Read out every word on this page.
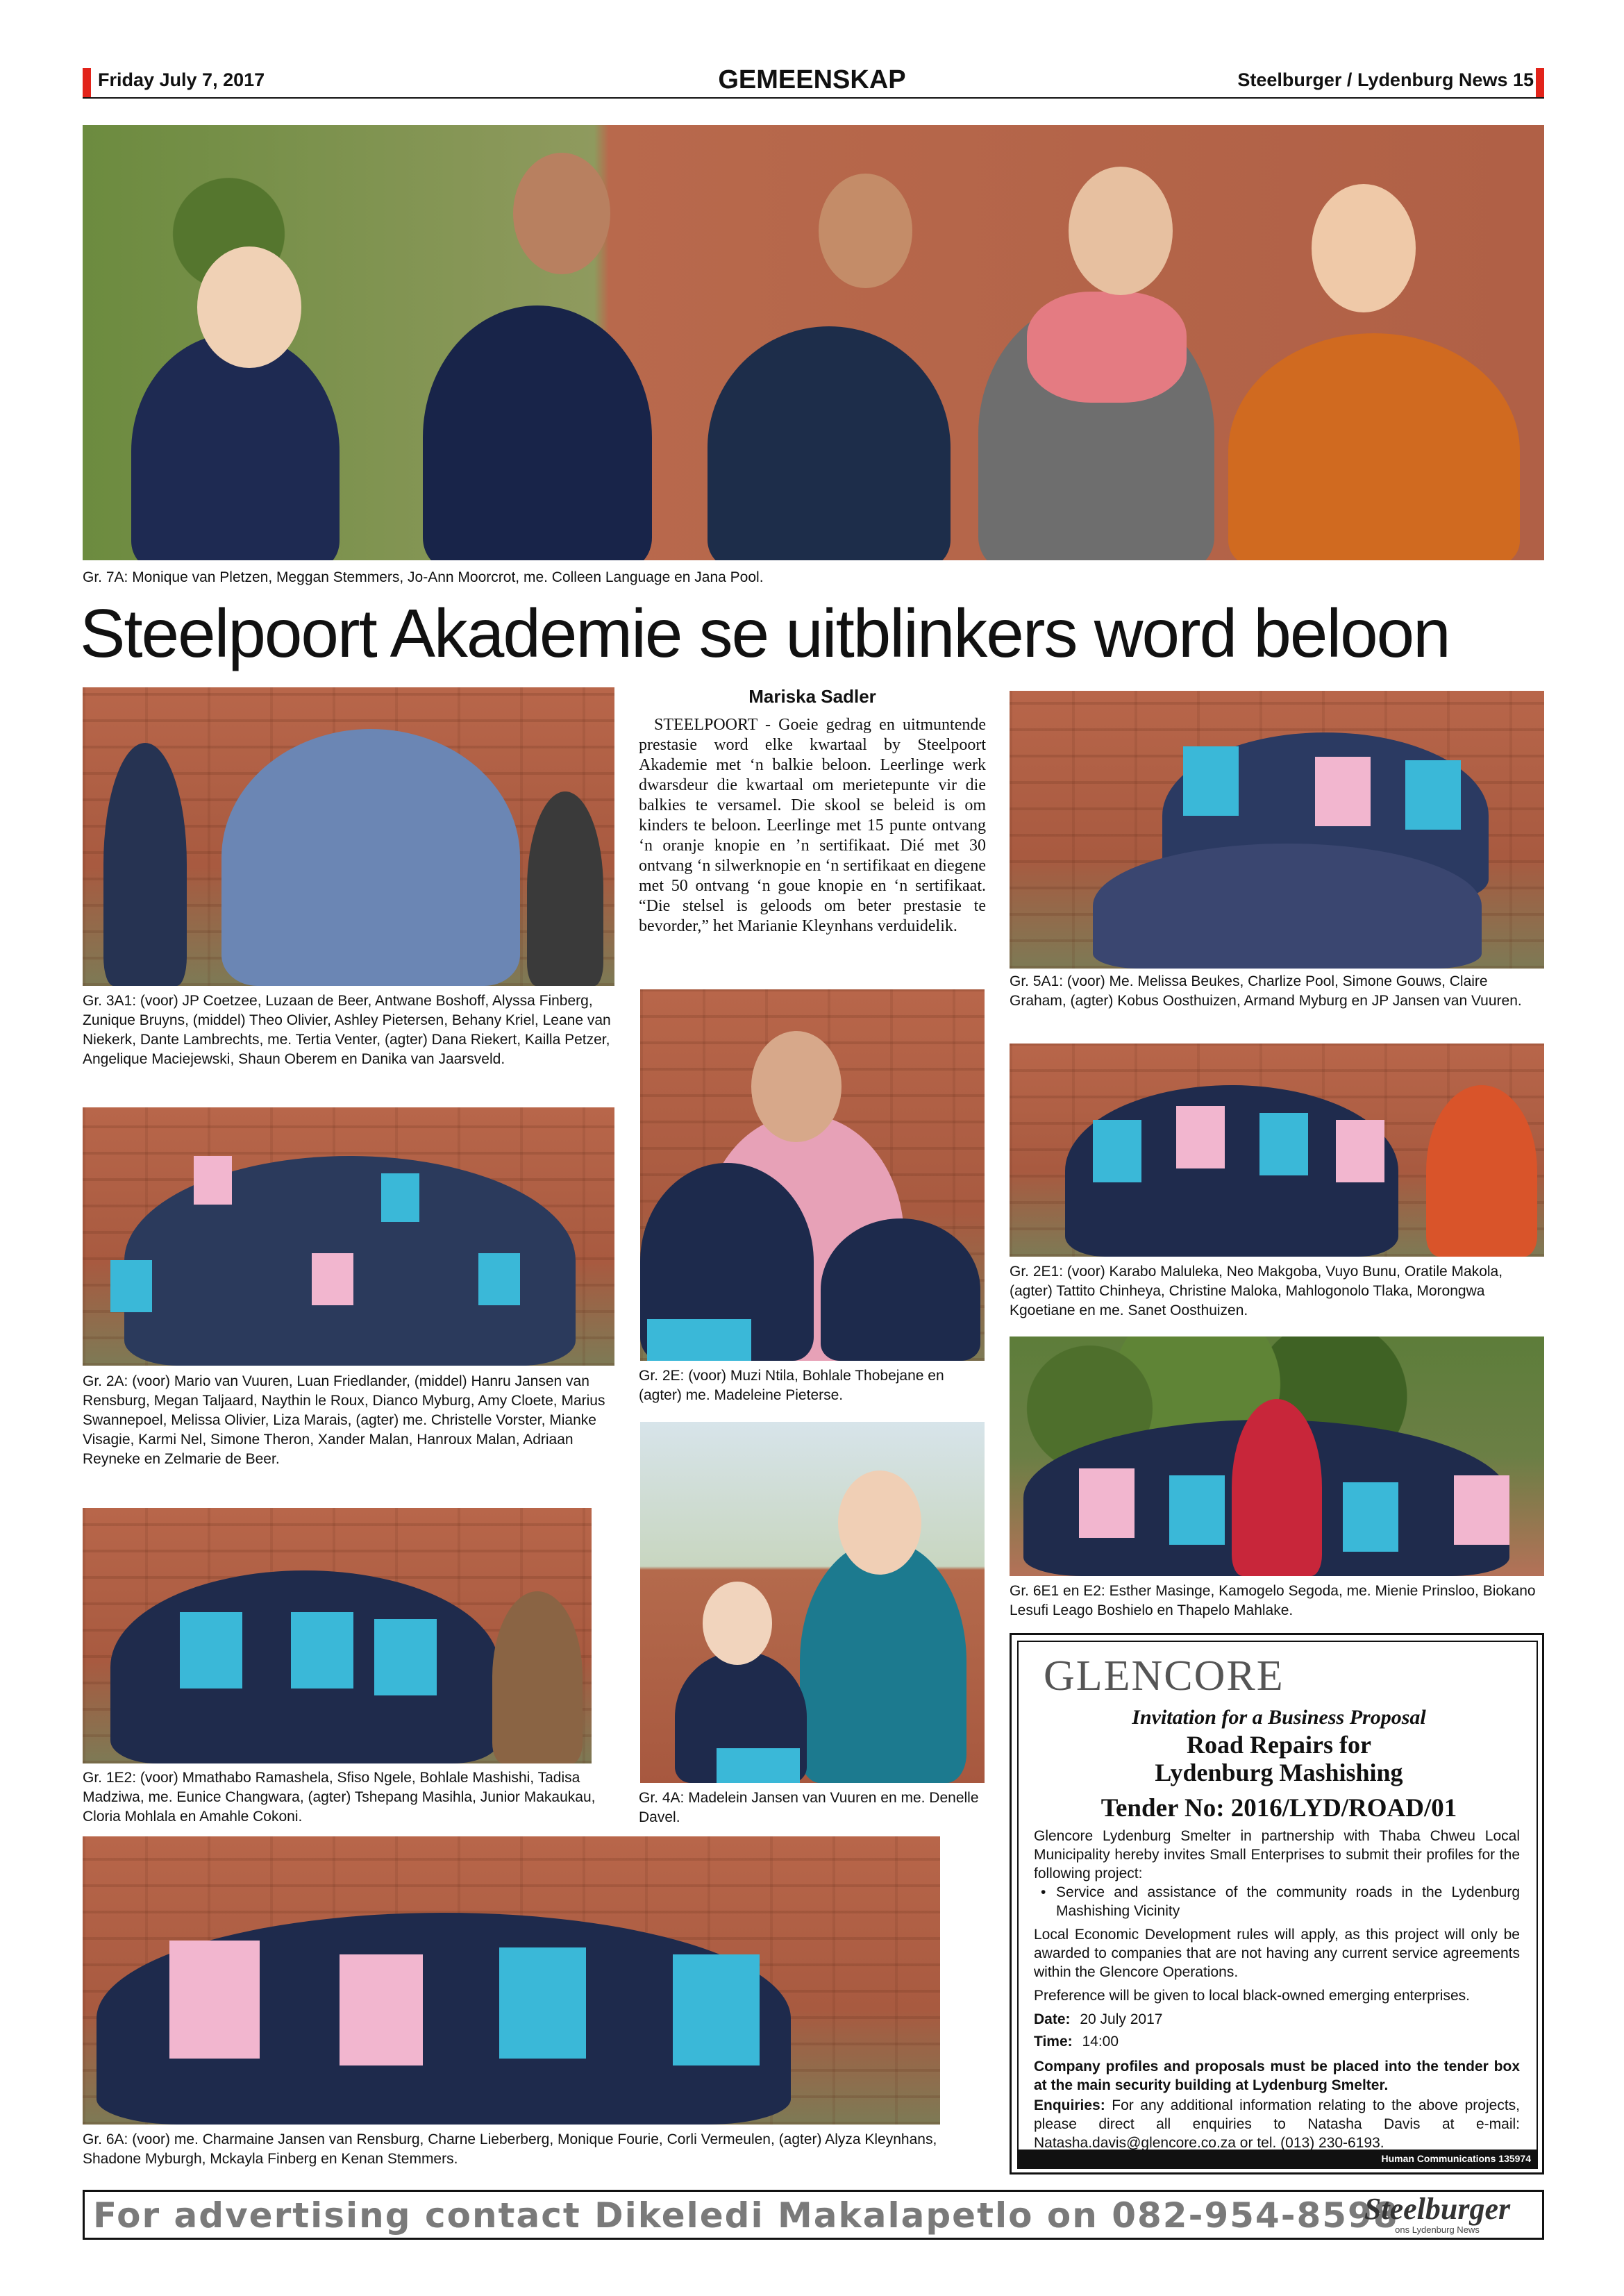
Friday July 7, 2017	GEMEENSKAP	Steelburger / Lydenburg News 15
Gr. 7A: Monique van Pletzen, Meggan Stemmers, Jo-Ann Moorcrot, me. Colleen Language en Jana Pool.
Steelpoort Akademie se uitblinkers word beloon
Gr. 3A1: (voor) JP Coetzee, Luzaan de Beer, Antwane Boshoff, Alyssa Finberg, Zunique Bruyns, (middel) Theo Olivier, Ashley Pietersen, Behany Kriel, Leane van Niekerk, Dante Lambrechts, me. Tertia Venter, (agter) Dana Riekert, Kailla Petzer, Angelique Maciejewski, Shaun Oberem en Danika van Jaarsveld.
Gr. 2A: (voor) Mario van Vuuren, Luan Friedlander, (middel) Hanru Jansen van Rensburg, Megan Taljaard, Naythin le Roux, Dianco Myburg, Amy Cloete, Marius Swannepoel, Melissa Olivier, Liza Marais, (agter) me. Christelle Vorster, Mianke Visagie, Karmi Nel, Simone Theron, Xander Malan, Hanroux Malan, Adriaan Reyneke en Zelmarie de Beer.
Gr. 1E2: (voor) Mmathabo Ramashela, Sfiso Ngele, Bohlale Mashishi, Tadisa Madziwa, me. Eunice Changwara, (agter) Tshepang Masihla, Junior Makaukau, Cloria Mohlala en Amahle Cokoni.
Gr. 6A: (voor) me. Charmaine Jansen van Rensburg, Charne Lieberberg, Monique Fourie, Corli Vermeulen, (agter) Alyza Kleynhans, Shadone Myburgh, Mckayla Finberg en Kenan Stemmers.
Mariska Sadler
STEELPOORT - Goeie gedrag en uitmuntende prestasie word elke kwartaal by Steelpoort Akademie met ‘n balkie beloon. Leerlinge werk dwarsdeur die kwartaal om merietepunte vir die balkies te versamel. Die skool se beleid is om kinders te beloon. Leerlinge met 15 punte ontvang ‘n oranje knopie en ’n sertifikaat. Dié met 30 ontvang ‘n silwerknopie en ‘n sertifikaat en diegene met 50 ontvang ‘n goue knopie en ‘n sertifikaat. “Die stelsel is geloods om beter prestasie te bevorder,” het Marianie Kleynhans verduidelik.
Gr. 2E: (voor) Muzi Ntila, Bohlale Thobejane en (agter) me. Madeleine Pieterse.
Gr. 4A: Madelein Jansen van Vuuren en me. Denelle Davel.
Gr. 5A1: (voor) Me. Melissa Beukes, Charlize Pool, Simone Gouws, Claire Graham, (agter) Kobus Oosthuizen, Armand Myburg en JP Jansen van Vuuren.
Gr. 2E1: (voor) Karabo Maluleka, Neo Makgoba, Vuyo Bunu, Oratile Makola, (agter) Tattito Chinheya, Christine Maloka, Mahlogonolo Tlaka, Morongwa Kgoetiane en me. Sanet Oosthuizen.
Gr. 6E1 en E2: Esther Masinge, Kamogelo Segoda, me. Mienie Prinsloo, Biokano Lesufi Leago Boshielo en Thapelo Mahlake.
GLENCORE
Invitation for a Business Proposal
Road Repairs for Lydenburg Mashishing
Tender No: 2016/LYD/ROAD/01
Glencore Lydenburg Smelter in partnership with Thaba Chweu Local Municipality hereby invites Small Enterprises to submit their profiles for the following project:
• Service and assistance of the community roads in the Lydenburg Mashishing Vicinity
Local Economic Development rules will apply, as this project will only be awarded to companies that are not having any current service agreements within the Glencore Operations.
Preference will be given to local black-owned emerging enterprises.
Date: 20 July 2017
Time: 14:00
Company profiles and proposals must be placed into the tender box at the main security building at Lydenburg Smelter.
Enquiries: For any additional information relating to the above projects, please direct all enquiries to Natasha Davis at e-mail: Natasha.davis@glencore.co.za or tel. (013) 230-6193.
Human Communications 135974
For advertising contact Dikeledi Makalapetlo on 082-954-8598
Steelburger
ons Lydenburg News
